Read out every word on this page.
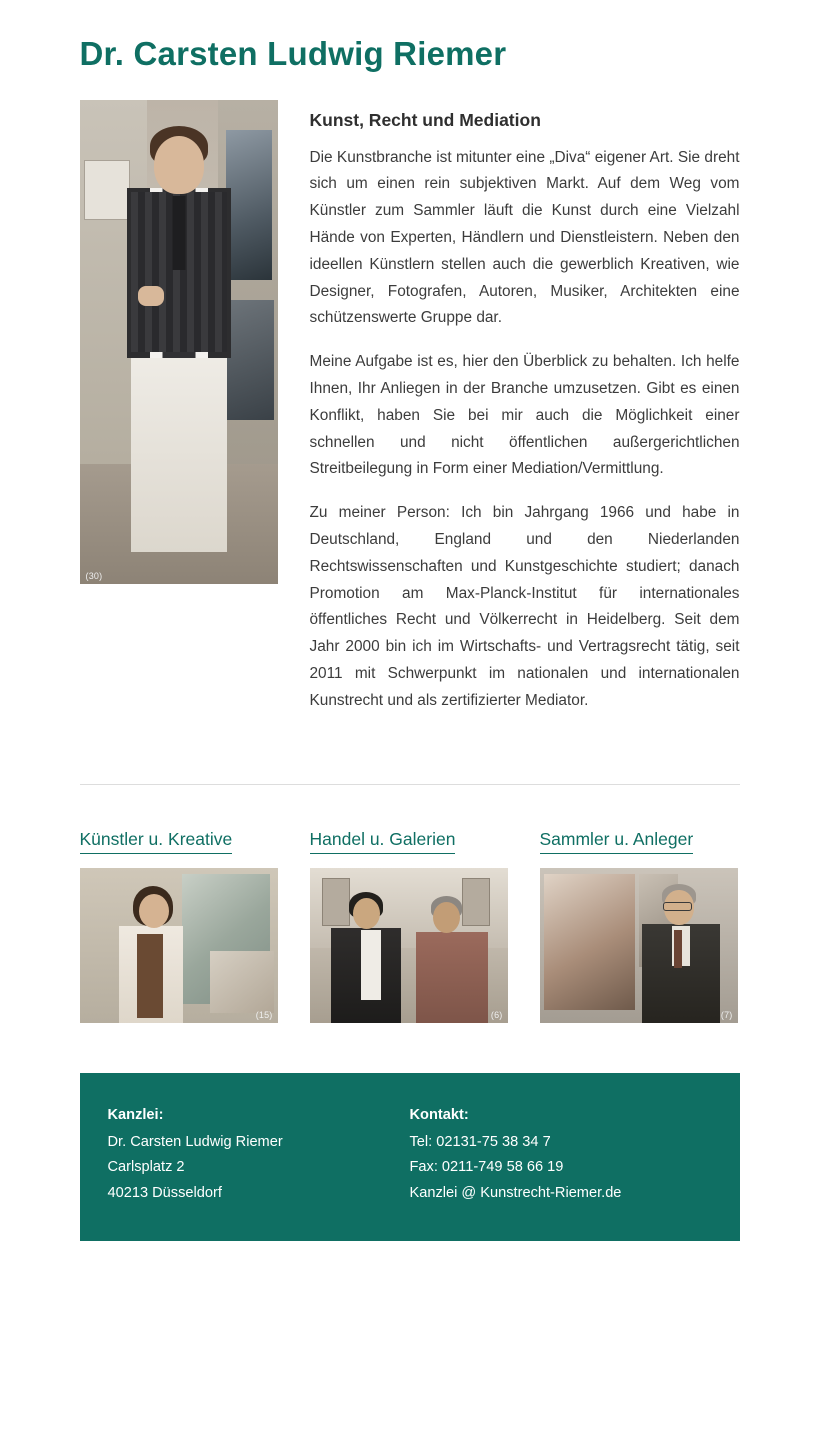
Dr. Carsten Ludwig Riemer
(30)
Kunst, Recht und Mediation

Die Kunstbranche ist mitunter eine „Diva“ eigener Art. Sie dreht sich um einen rein subjektiven Markt. Auf dem Weg vom Künstler zum Sammler läuft die Kunst durch eine Vielzahl Hände von Experten, Händlern und Dienstleistern. Neben den ideellen Künstlern stellen auch die gewerblich Kreativen, wie Designer, Fotografen, Autoren, Musiker, Architekten eine schützenswerte Gruppe dar.

Meine Aufgabe ist es, hier den Überblick zu behalten. Ich helfe Ihnen, Ihr Anliegen in der Branche umzusetzen. Gibt es einen Konflikt, haben Sie bei mir auch die Möglichkeit einer schnellen und nicht öffentlichen außergerichtlichen Streitbeilegung in Form einer Mediation/Vermittlung.

Zu meiner Person: Ich bin Jahrgang 1966 und habe in Deutschland, England und den Niederlanden Rechtswissenschaften und Kunstgeschichte studiert; danach Promotion am Max-Planck-Institut für internationales öffentliches Recht und Völkerrecht in Heidelberg. Seit dem Jahr 2000 bin ich im Wirtschafts- und Vertragsrecht tätig, seit 2011 mit Schwerpunkt im nationalen und internationalen Kunstrecht und als zertifizierter Mediator.

Künstler u. Kreative
(15)
Handel u. Galerien
(6)
Sammler u. Anleger
(7)
Kanzlei:
Dr. Carsten Ludwig Riemer
Carlsplatz 2
40213 Düsseldorf
Kontakt:
Tel: 02131-75 38 34 7
Fax: 0211-749 58 66 19
Kanzlei @ Kunstrecht-Riemer.de
